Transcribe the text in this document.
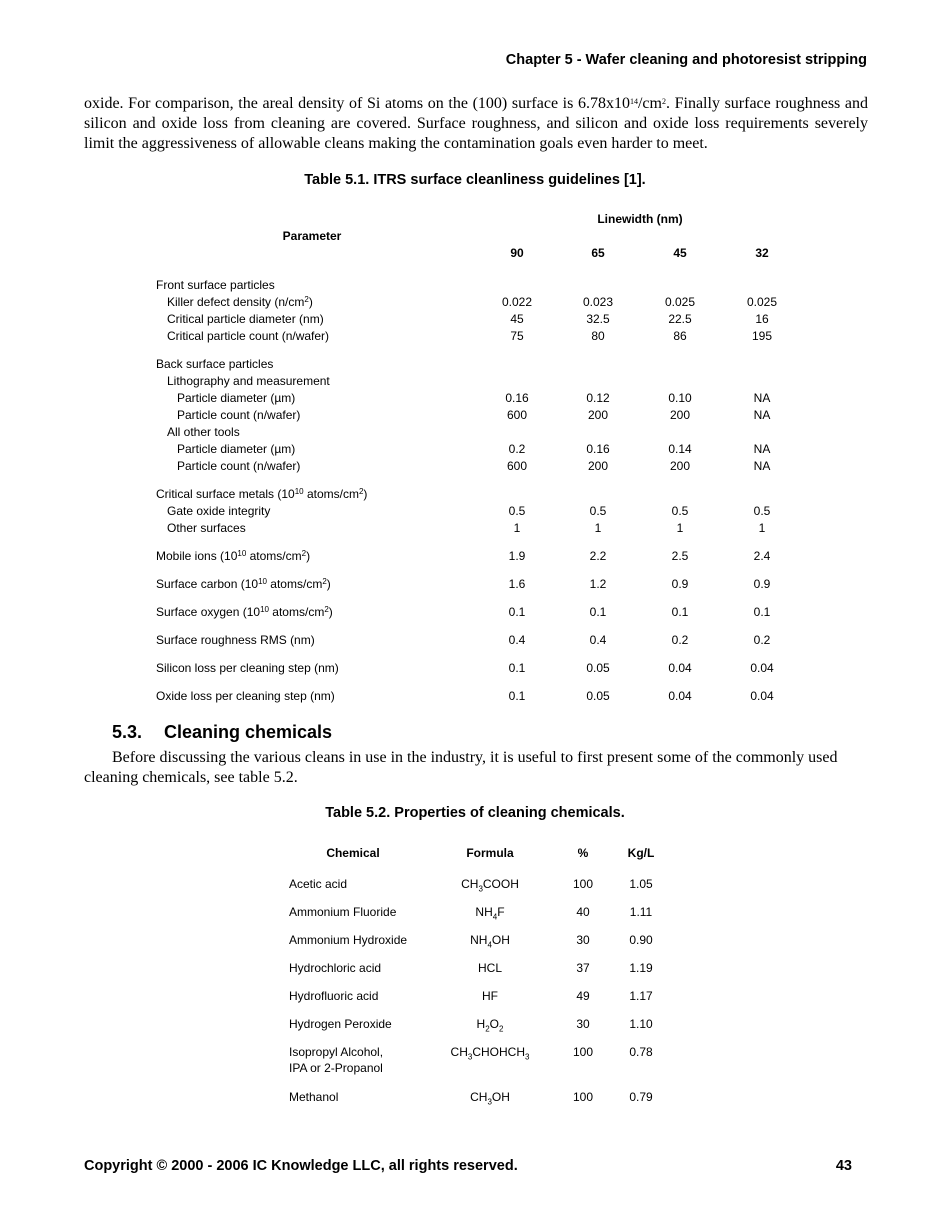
Chapter 5 - Wafer cleaning and photoresist stripping
oxide. For comparison, the areal density of Si atoms on the (100) surface is $6.78x10^{14}/cm^2$. Finally surface roughness and silicon and oxide loss from cleaning are covered. Surface roughness, and silicon and oxide loss requirements severely limit the aggressiveness of allowable cleans making the contamination goals even harder to meet.
Table 5.1. ITRS surface cleanliness guidelines [1].
Linewidth (nm)
Parameter
90	65	45	32
Front surface particles
Killer defect density $(n/cm^2)$	0.022	0.023	0.025	0.025
Critical particle diameter (nm)	45	32.5	22.5	16
Critical particle count (n/wafer)	75	80	86	195
Back surface particles
Lithography and measurement
Particle diameter (µm)	0.16	0.12	0.10	NA
Particle count (n/wafer)	600	200	200	NA
All other tools
Particle diameter (µm)	0.2	0.16	0.14	NA
Particle count (n/wafer)	600	200	200	NA
Critical surface metals ($10^{10}$ atoms/$cm^2$)
Gate oxide integrity	0.5	0.5	0.5	0.5
Other surfaces	1	1	1	1
Mobile ions ($10^{10}$ atoms/$cm^2$)	1.9	2.2	2.5	2.4
Surface carbon ($10^{10}$ atoms/$cm^2$)	1.6	1.2	0.9	0.9
Surface oxygen ($10^{10}$ atoms/$cm^2$)	0.1	0.1	0.1	0.1
Surface roughness RMS (nm)	0.4	0.4	0.2	0.2
Silicon loss per cleaning step (nm)	0.1	0.05	0.04	0.04
Oxide loss per cleaning step (nm)	0.1	0.05	0.04	0.04
5.3. Cleaning chemicals
Before discussing the various cleans in use in the industry, it is useful to first present some of the commonly used cleaning chemicals, see table 5.2.
Table 5.2. Properties of cleaning chemicals.
Chemical	Formula	%	Kg/L
Acetic acid	$CH_3COOH$	100	1.05
Ammonium Fluoride	$NH_4F$	40	1.11
Ammonium Hydroxide	$NH_4OH$	30	0.90
Hydrochloric acid	HCL	37	1.19
Hydrofluoric acid	HF	49	1.17
Hydrogen Peroxide	$H_2O_2$	30	1.10
Isopropyl Alcohol,
IPA or 2-Propanol
$CH_3CHOHCH_3$	100	0.78
Methanol	$CH_3OH$	100	0.79
Copyright © 2000 - 2006 IC Knowledge LLC, all rights reserved.	43
